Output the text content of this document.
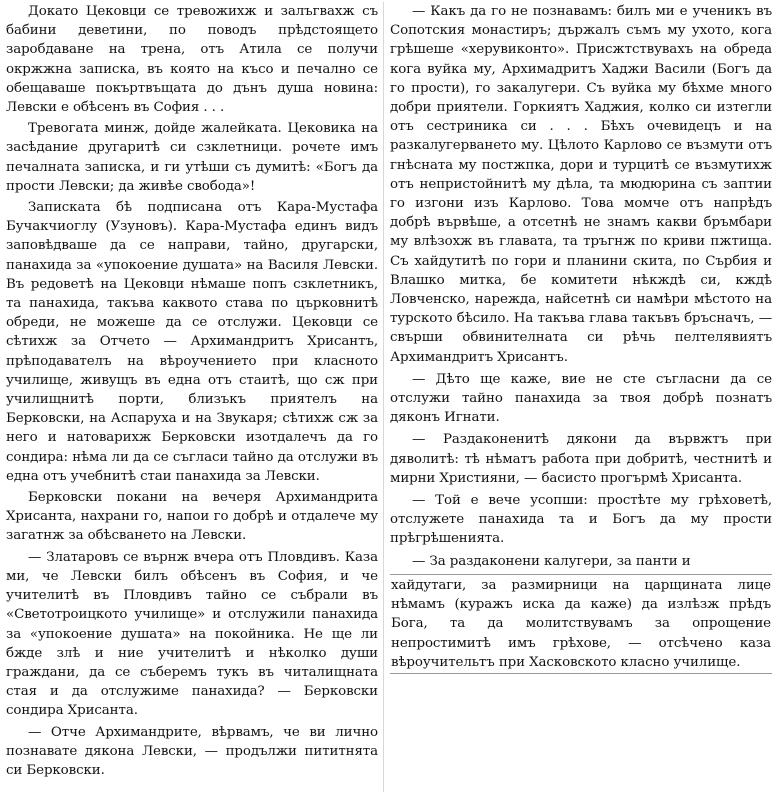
Докато Цековци се тревожихж и залъгвахж съ бабини деветини, по поводъ прѣдстоящето заробдаване на трена, отъ Атила се получи окржжна записка, въ която на късо и печално се обещаваше покъртвъщата до дънъ душа новина: Левски е обѣсенъ въ София . . .

Тревогата минж, дойде жалейката. Цековика на засѣдание другаритѣ си сзклетници. рочете имъ печалната записка, и ги утѣши съ думитѣ: «Богъ да прости Левски; да живѣе свобода»!

Записката бѣ подписана отъ Кара-Мустафа Бучакчиоглу (Узуновъ). Кара-Мустафа единъ видъ заповѣдваше да се направи, тайно, другарски, панахида за «упокоение душата» на Василя Левски. Въ редоветѣ на Цековци нѣмаше попъ сзклетникъ, та панахида, такъва каквото става по църковнитѣ обреди, не можеше да се отслужи. Цековци се сѣтихж за Отчето — Архимандритъ Хрисантъ, прѣподавателъ на вѣроучението при класното училище, живущъ въ една отъ стаитѣ, що сж при училищнитѣ порти, близъкъ приятелъ на Берковски, на Аспаруха и на Звукаря; сѣтихж сж за него и натоварихж Берковски изотдалечъ да го сондира: нѣма ли да се съгласи тайно да отслужи въ една отъ учебнитѣ стаи панахида за Левски.

Берковски покани на вечеря Архимандрита Хрисанта, нахрани го, напои го добрѣ и отдалече му загатнж за обѣсването на Левски.

— Златаровъ се върнж вчера отъ Пловдивъ. Каза ми, че Левски билъ обѣсенъ въ София, и че учителитѣ въ Пловдивъ тайно се събрали въ «Светотроицкото училище» и отслужили панахида за «упокоение душата» на покойника. Не ще ли бжде злѣ и ние учителитѣ и нѣколко души граждани, да се съберемъ тукъ въ читалищната стая и да отслужиме панахида? — Берковски сондира Хрисанта.

— Отче Архимандрите, вѣрвамъ, че ви лично познавате дякона Левски, — продължи пититнята си Берковски.

— Какъ да го не познавамъ: билъ ми е ученикъ въ Сопотския монастиръ; държалъ съмъ му ухото, кога грѣшеше «херувиконто». Присжтствувахъ на обреда кога вуйка му, Архимадритъ Хаджи Васили (Богъ да го прости), го закалугери. Съ вуйка му бѣхме много добри приятели. Горкиятъ Хаджия, колко си изтегли отъ сестриника си . . . Бѣхъ очевидецъ и на разкалугерването му. Цѣлото Карлово се възмути отъ гнѣсната му постжпка, дори и турцитѣ се възмутихж отъ непристойнитѣ му дѣла, та мюдюрина съ заптии го изгони изъ Карлово. Това момче отъ напрѣдъ добрѣ вървѣше, а отсетнѣ не знамъ какви бръмбари му влѣзохж въ главата, та тръгнж по криви пжтища. Съ хайдутитѣ по гори и планини скита, по Сърбия и Влашко митка, бе комитети нѣкждѣ си, кждѣ Ловченско, нарежда, найсетнѣ си намѣри мѣстото на турското бѣсило. На такъва глава такъвъ бръсначъ, — свърши обвинителната си рѣчь пелтелявиятъ Архимандритъ Хрисантъ.

— Дѣто ще каже, вие не сте съгласни да се отслужи тайно панахида за твоя добрѣ познатъ дяконъ Игнати.

— Раздаконенитѣ дякони да вървжтъ при дяволитѣ: тѣ нѣматъ работа при добритѣ, честнитѣ и мирни Християни, — басисто прогърмѣ Хрисанта.

— Той е вече усопши: простѣте му грѣховетѣ, отслужете панахида та и Богъ да му прости прѣгрѣшенията.

— За раздаконени калугери, за панти и

хайдутаги, за размирници на царщината лице нѣмамъ (куражъ иска да каже) да излѣзж прѣдъ Бога, та да молитствувамъ за опрощение непростимитѣ имъ грѣхове, — отсѣчено каза вѣроучительтъ при Хасковското класно училище.
